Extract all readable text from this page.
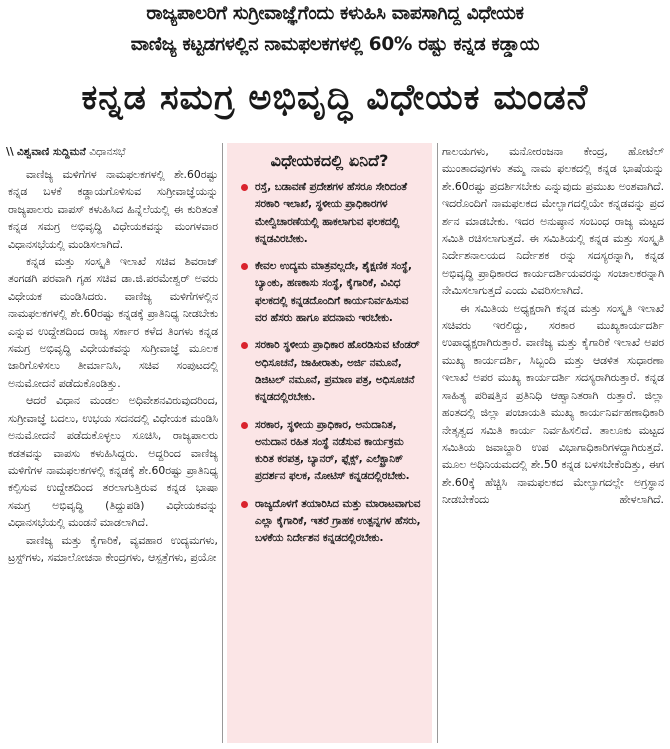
ರಾಜ್ಯಪಾಲರಿಗೆ ಸುಗ್ರೀವಾಜ್ಞೆಗೆಂದು ಕಳುಹಿಸಿ ವಾಪಸಾಗಿದ್ದ ವಿಧೇಯಕ
ವಾಣಿಜ್ಯ ಕಟ್ಟಡಗಳಲ್ಲಿನ ನಾಮಫಲಕಗಳಲ್ಲಿ 60% ರಷ್ಟು ಕನ್ನಡ ಕಡ್ಡಾಯ
ಕನ್ನಡ ಸಮಗ್ರ ಅಭಿವೃದ್ಧಿ ವಿಧೇಯಕ ಮಂಡನೆ
\\ ವಿಶ್ವವಾಣಿ ಸುದ್ದಿಮನೆ ವಿಧಾನಸಭೆ

ವಾಣಿಜ್ಯ ಮಳಿಗೆಗಳ ನಾಮಫಲಕಗಳಲ್ಲಿ ಶೇ.60ರಷ್ಟು ಕನ್ನಡ ಬಳಕೆ ಕಡ್ಡಾಯಗೊಳಿಸುವ ಸುಗ್ರೀವಾಜ್ಞೆಯನ್ನು ರಾಜ್ಯಪಾಲರು ವಾಪಸ್ ಕಳುಹಿಸಿದ ಹಿನ್ನೆಲೆಯಲ್ಲಿ ಈ ಕುರಿತಂತೆ ಕನ್ನಡ ಸಮಗ್ರ ಅಭಿವೃದ್ಧಿ ವಿಧೇಯಕವನ್ನು ಮಂಗಳವಾರ ವಿಧಾನಸಭೆಯಲ್ಲಿ ಮಂಡಿಸಲಾಗಿದೆ.

ಕನ್ನಡ ಮತ್ತು ಸಂಸ್ಕೃತಿ ಇಲಾಖೆ ಸಚಿವ ಶಿವರಾಜ್ ತಂಗಡಗಿ ಪರವಾಗಿ ಗೃಹ ಸಚಿವ ಡಾ.ಜಿ.ಪರಮೇಶ್ವರ್ ಅವರು ವಿಧೇಯಕ ಮಂಡಿಸಿದರು. ವಾಣಿಜ್ಯ ಮಳಿಗೆಗಳಲ್ಲಿನ ನಾಮಫಲಕಗಳಲ್ಲಿ ಶೇ.60ರಷ್ಟು ಕನ್ನಡಕ್ಕೆ ಪ್ರಾತಿನಿಧ್ಯ ನೀಡಬೇಕು ಎನ್ನುವ ಉದ್ದೇಶದಿಂದ ರಾಜ್ಯ ಸರ್ಕಾರ ಕಳೆದ ತಿಂಗಳು ಕನ್ನಡ ಸಮಗ್ರ ಅಭಿವೃದ್ಧಿ ವಿಧೇಯಕವನ್ನು ಸುಗ್ರೀವಾಜ್ಞೆ ಮೂಲಕ ಜಾರಿಗೊಳಿಸಲು ತೀರ್ಮಾನಿಸಿ, ಸಚಿವ ಸಂಪುಟದಲ್ಲಿ ಅನುಮೋದನೆ ಪಡೆದುಕೊಂಡಿತ್ತು.

ಆದರೆ ವಿಧಾನ ಮಂಡಲ ಅಧಿವೇಶನವಿರುವುದರಿಂದ, ಸುಗ್ರೀವಾಜ್ಞೆ ಬದಲು, ಉಭಯ ಸದನದಲ್ಲಿ ವಿಧೇಯಕ ಮಂಡಿಸಿ ಅನುಮೋದನೆ ಪಡೆದುಕೊಳ್ಳಲು ಸೂಚಿಸಿ, ರಾಜ್ಯಪಾಲರು ಕಡತವನ್ನು ವಾಪಸು ಕಳುಹಿಸಿದ್ದರು. ಅದ್ದರಿಂದ ವಾಣಿಜ್ಯ ಮಳಿಗೆಗಳ ನಾಮಫಲಕಗಳಲ್ಲಿ ಕನ್ನಡಕ್ಕೆ ಶೇ.60ರಷ್ಟು ಪ್ರಾತಿನಿಧ್ಯ ಕಲ್ಪಿಸುವ ಉದ್ದೇಶದಿಂದ ತರಲಾಗುತ್ತಿರುವ ಕನ್ನಡ ಭಾಷಾ ಸಮಗ್ರ ಅಭಿವೃದ್ಧಿ (ತಿದ್ದುಪಡಿ) ವಿಧೇಯಕವನ್ನು ವಿಧಾನಸಭೆಯಲ್ಲಿ ಮಂಡನೆ ಮಾಡಲಾಗಿದೆ.

ವಾಣಿಜ್ಯ ಮತ್ತು ಕೈಗಾರಿಕೆ, ವ್ಯವಹಾರ ಉದ್ಯಮಗಳು, ಟ್ರಸ್ಟ್‌ಗಳು, ಸಮಾಲೋಚನಾ ಕೇಂದ್ರಗಳು, ಆಸ್ಪತ್ರೆಗಳು, ಪ್ರಯೋ

ವಿಧೇಯಕದಲ್ಲಿ ಏನಿದೆ?
ರಸ್ತೆ, ಬಡಾವಣೆ ಪ್ರದೇಶಗಳ ಹೆಸರೂ ಸೇರಿದಂತೆ ಸರಕಾರಿ ಇಲಾಖೆ, ಸ್ಥಳೀಯ ಪ್ರಾಧಿಕಾರಗಳ ಮೇಲ್ವಿಚಾರಣೆಯಲ್ಲಿ ಹಾಕಲಾಗುವ ಫಲಕದಲ್ಲಿ ಕನ್ನಡವಿರಬೇಕು.
ಕೇವಲ ಉದ್ಯಮ ಮಾತ್ರವಲ್ಲದೇ, ಶೈಕ್ಷಣಿಕ ಸಂಸ್ಥೆ, ಬ್ಯಾಂಕು, ಹಣಕಾಸು ಸಂಸ್ಥೆ, ಕೈಗಾರಿಕೆ, ವಿವಿಧ ಫಲಕದಲ್ಲಿ ಕನ್ನಡದೊಂದಿಗೆ ಕಾರ್ಯನಿರ್ವಹಿಸುವ ವರ ಹೆಸರು ಹಾಗೂ ಪದನಾಮ ಇರಬೇಕು.
ಸರಕಾರಿ ಸ್ಥಳೀಯ ಪ್ರಾಧಿಕಾರ ಹೊರಡಿಸುವ ಟೆಂಡರ್ ಅಧಿಸೂಚನೆ, ಜಾಹೀರಾತು, ಅರ್ಜಿ ನಮೂನೆ, ಡಿಜಿಟಲ್ ನಮೂನೆ, ಪ್ರಮಾಣ ಪತ್ರ, ಅಧಿಸೂಚನೆ ಕನ್ನಡದಲ್ಲಿರಬೇಕು.
ಸರಕಾರ, ಸ್ಥಳೀಯ ಪ್ರಾಧಿಕಾರ, ಅನುದಾನಿತ, ಅನುದಾನ ರಹಿತ ಸಂಸ್ಥೆ ನಡೆಸುವ ಕಾರ್ಯಕ್ರಮ ಕುರಿತ ಕರಪತ್ರ, ಬ್ಯಾನರ್, ಫ್ಲೆಕ್ಸ್, ಎಲೆಕ್ಟ್ರಾನಿಕ್ ಪ್ರದರ್ಶನ ಫಲಕ, ನೋಟಿಸ್ ಕನ್ನಡದಲ್ಲಿರಬೇಕು.
ರಾಜ್ಯದೊಳಗೆ ತಯಾರಿಸಿದ ಮತ್ತು ಮಾರಾಟವಾಗುವ ಎಲ್ಲಾ ಕೈಗಾರಿಕೆ, ಇತರೆ ಗ್ರಾಹಕ ಉತ್ಪನ್ನಗಳ ಹೆಸರು, ಬಳಕೆಯ ನಿರ್ದೇಶನ ಕನ್ನಡದಲ್ಲಿರಬೇಕು.

ಗಾಲಯಗಳು, ಮನೋರಂಜನಾ ಕೇಂದ್ರ, ಹೋಟೆಲ್ ಮುಂತಾದವುಗಳು ತಮ್ಮ ನಾಮ ಫಲಕದಲ್ಲಿ ಕನ್ನಡ ಭಾಷೆಯನ್ನು ಶೇ.60ರಷ್ಟು ಪ್ರದರ್ಶಿಸಬೇಕು ಎನ್ನುವುದು ಪ್ರಮುಖ ಅಂಶವಾಗಿದೆ. ಇದರೊಂದಿಗೆ ನಾಮಫಲಕದ ಮೇಲ್ಭಾಗದಲ್ಲಿಯೇ ಕನ್ನಡವನ್ನು ಪ್ರದ ರ್ಶನ ಮಾಡಬೇಕು. ಇದರ ಅನುಷ್ಠಾನ ಸಂಬಂಧ ರಾಜ್ಯ ಮಟ್ಟದ ಸಮಿತಿ ರಚಿಸಲಾಗುತ್ತದೆ. ಈ ಸಮಿತಿಯಲ್ಲಿ ಕನ್ನಡ ಮತ್ತು ಸಂಸ್ಕೃತಿ ನಿರ್ದೇಶನಾಲಯದ ನಿರ್ದೇಶಕ ರನ್ನು ಸದಸ್ಯರನ್ನಾಗಿ, ಕನ್ನಡ ಅಭಿವೃದ್ಧಿ ಪ್ರಾಧಿಕಾರದ ಕಾರ್ಯದರ್ಶಿಯವರನ್ನು ಸಂಚಾಲಕರನ್ನಾಗಿ ನೇಮಿಸಲಾಗುತ್ತದೆ ಎಂದು ವಿವರಿಸಲಾಗಿದೆ.

ಈ ಸಮಿತಿಯ ಅಧ್ಯಕ್ಷರಾಗಿ ಕನ್ನಡ ಮತ್ತು ಸಂಸ್ಕೃತಿ ಇಲಾಖೆ ಸಚಿವರು ಇರಲಿದ್ದು, ಸರಕಾರ ಮುಖ್ಯಕಾರ್ಯದರ್ಶಿ ಉಪಾಧ್ಯಕ್ಷರಾಗಿರುತ್ತಾರೆ. ವಾಣಿಜ್ಯ ಮತ್ತು ಕೈಗಾರಿಕೆ ಇಲಾಖೆ ಅಪರ ಮುಖ್ಯ ಕಾರ್ಯದರ್ಶಿ, ಸಿಬ್ಬಂದಿ ಮತ್ತು ಆಡಳಿತ ಸುಧಾರಣಾ ಇಲಾಖೆ ಅಪರ ಮುಖ್ಯ ಕಾರ್ಯದರ್ಶಿ ಸದಸ್ಯರಾಗಿರುತ್ತಾರೆ. ಕನ್ನಡ ಸಾಹಿತ್ಯ ಪರಿಷತ್ತಿನ ಪ್ರತಿನಿಧಿ ಆಹ್ವಾನಿತರಾಗಿ ರುತ್ತಾರೆ. ಜಿಲ್ಲಾ ಹಂತದಲ್ಲಿ ಜಿಲ್ಲಾ ಪಂಚಾಯತಿ ಮುಖ್ಯ ಕಾರ್ಯನಿರ್ವಹಣಾಧಿಕಾರಿ ನೇತೃತ್ವದ ಸಮಿತಿ ಕಾರ್ಯ ನಿರ್ವಹಿಸಲಿದೆ. ತಾಲೂಕು ಮಟ್ಟದ ಸಮಿತಿಯ ಜವಾಬ್ದಾರಿ ಉಪ ವಿಭಾಗಾಧಿಕಾರಿಗಳದ್ದಾಗಿರುತ್ತದೆ. ಮೂಲ ಅಧಿನಿಯಮದಲ್ಲಿ ಶೇ.50 ಕನ್ನಡ ಬಳಸಬೇಕೆಂದಿತ್ತು, ಈಗ ಶೇ.60ಕ್ಕೆ ಹೆಚ್ಚಿಸಿ ನಾಮಫಲಕದ ಮೇಲ್ಭಾಗದಲ್ಲೇ ಅಗ್ರಸ್ಥಾನ ನೀಡಬೇಕೆಂದು ಹೇಳಲಾಗಿದೆ.
